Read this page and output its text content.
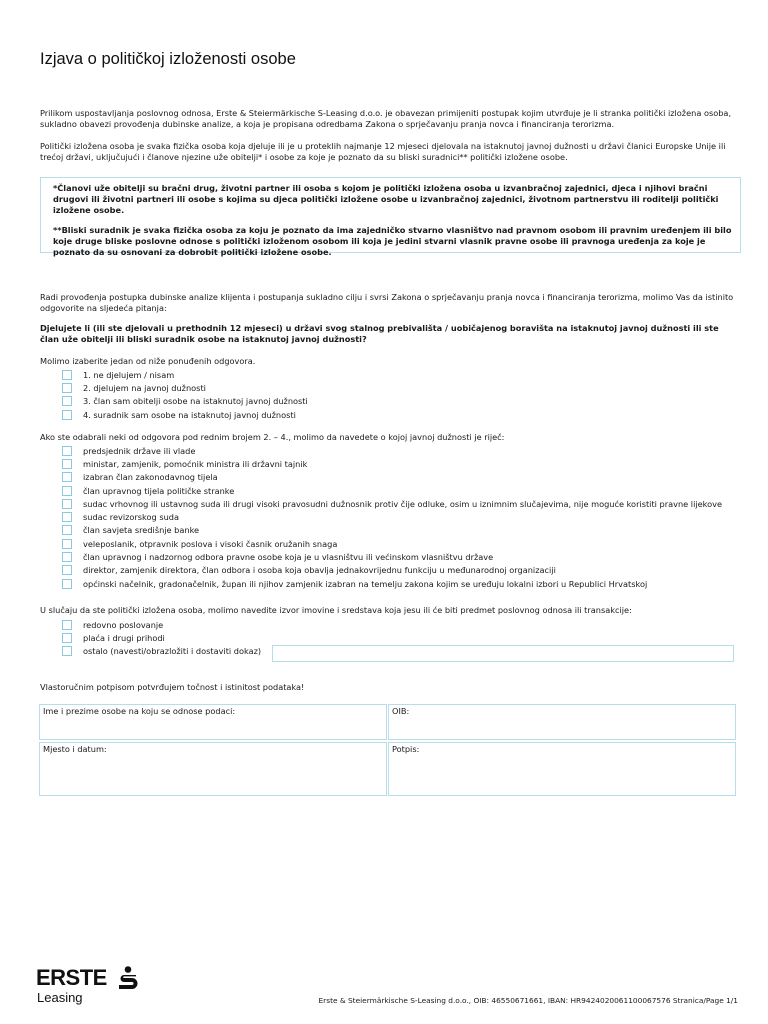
Izjava o političkoj izloženosti osobe

Prilikom uspostavljanja poslovnog odnosa, Erste & Steiermärkische S-Leasing d.o.o. je obavezan primijeniti postupak kojim utvrđuje je li stranka politički izložena osoba, sukladno obavezi provođenja dubinske analize, a koja je propisana odredbama Zakona o sprječavanju pranja novca i financiranja terorizma.

Politički izložena osoba je svaka fizička osoba koja djeluje ili je u proteklih najmanje 12 mjeseci djelovala na istaknutoj javnoj dužnosti u državi članici Europske Unije ili trećoj državi, uključujući i članove njezine uže obitelji* i osobe za koje je poznato da su bliski suradnici** politički izložene osobe.

*Članovi uže obitelji su bračni drug, životni partner ili osoba s kojom je politički izložena osoba u izvanbračnoj zajednici, djeca i njihovi bračni drugovi ili životni partneri ili osobe s kojima su djeca politički izložene osobe u izvanbračnoj zajednici, životnom partnerstvu ili roditelji politički izložene osobe.

**Bliski suradnik je svaka fizička osoba za koju je poznato da ima zajedničko stvarno vlasništvo nad pravnom osobom ili pravnim uređenjem ili bilo koje druge bliske poslovne odnose s politički izloženom osobom ili koja je jedini stvarni vlasnik pravne osobe ili pravnoga uređenja za koje je poznato da su osnovani za dobrobit politički izložene osobe.

Radi provođenja postupka dubinske analize klijenta i postupanja sukladno cilju i svrsi Zakona o sprječavanju pranja novca i financiranja terorizma, molimo Vas da istinito odgovorite na sljedeća pitanja:

Djelujete li (ili ste djelovali u prethodnih 12 mjeseci) u državi svog stalnog prebivališta / uobičajenog boravišta na istaknutoj javnoj dužnosti ili ste član uže obitelji ili bliski suradnik osobe na istaknutoj javnoj dužnosti?

Molimo izaberite jedan od niže ponuđenih odgovora.

1. ne djelujem / nisam
2. djelujem na javnoj dužnosti
3. član sam obitelji osobe na istaknutoj javnoj dužnosti
4. suradnik sam osobe na istaknutoj javnoj dužnosti

Ako ste odabrali neki od odgovora pod rednim brojem 2. – 4., molimo da navedete o kojoj javnoj dužnosti je riječ:

predsjednik države ili vlade
ministar, zamjenik, pomoćnik ministra ili državni tajnik
izabran član zakonodavnog tijela
član upravnog tijela političke stranke
sudac vrhovnog ili ustavnog suda ili drugi visoki pravosudni dužnosnik protiv čije odluke, osim u iznimnim slučajevima, nije moguće koristiti pravne lijekove
sudac revizorskog suda
član savjeta središnje banke
veleposlanik, otpravnik poslova i visoki časnik oružanih snaga
član upravnog i nadzornog odbora pravne osobe koja je u vlasništvu ili većinskom vlasništvu države
direktor, zamjenik direktora, član odbora i osoba koja obavlja jednakovrijednu funkciju u međunarodnoj organizaciji
općinski načelnik, gradonačelnik, župan ili njihov zamjenik izabran na temelju zakona kojim se uređuju lokalni izbori u Republici Hrvatskoj

U slučaju da ste politički izložena osoba, molimo navedite izvor imovine i sredstava koja jesu ili će biti predmet poslovnog odnosa ili transakcije:

redovno poslovanje
plaća i drugi prihodi
ostalo (navesti/obrazložiti i dostaviti dokaz)

Vlastoručnim potpisom potvrđujem točnost i istinitost podataka!

Ime i prezime osobe na koju se odnose podaci:	OIB:
Mjesto i datum:	Potpis:
ERSTE
Leasing	Erste & Steiermärkische S-Leasing d.o.o., OIB: 46550671661, IBAN: HR9424020061100067576 Stranica/Page 1/1
